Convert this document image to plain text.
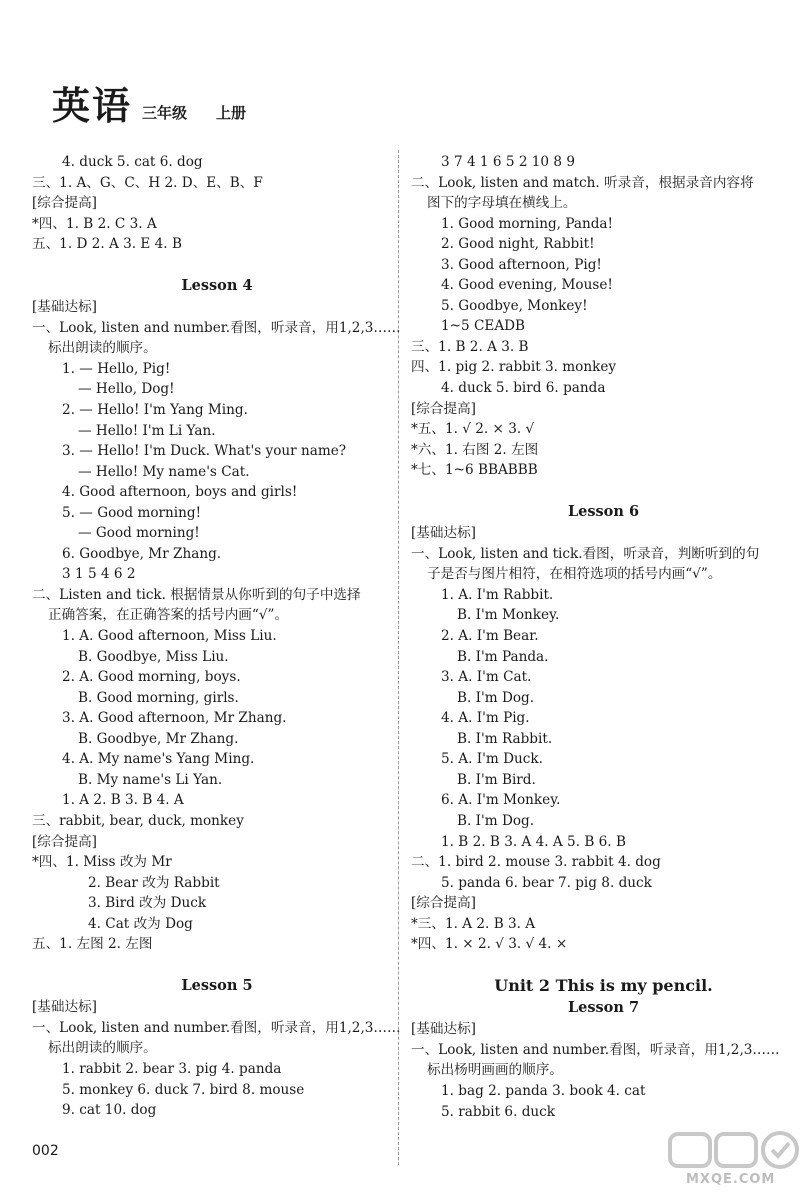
英语 三年级 上册
4. duck 5. cat 6. dog
三、1. A、G、C、H 2. D、E、B、F
[综合提高]
*四、1. B 2. C 3. A
五、1. D 2. A 3. E 4. B
Lesson 4
[基础达标]
一、Look, listen and number.看图，听录音，用1,2,3……
标出朗读的顺序。
1. — Hello, Pig!
— Hello, Dog!
2. — Hello! I'm Yang Ming.
— Hello! I'm Li Yan.
3. — Hello! I'm Duck. What's your name?
— Hello! My name's Cat.
4. Good afternoon, boys and girls!
5. — Good morning!
— Good morning!
6. Goodbye, Mr Zhang.
3 1 5 4 6 2
二、Listen and tick. 根据情景从你听到的句子中选择
正确答案，在正确答案的括号内画“√”。
1. A. Good afternoon, Miss Liu.
B. Goodbye, Miss Liu.
2. A. Good morning, boys.
B. Good morning, girls.
3. A. Good afternoon, Mr Zhang.
B. Goodbye, Mr Zhang.
4. A. My name's Yang Ming.
B. My name's Li Yan.
1. A 2. B 3. B 4. A
三、rabbit, bear, duck, monkey
[综合提高]
*四、1. Miss 改为 Mr
2. Bear 改为 Rabbit
3. Bird 改为 Duck
4. Cat 改为 Dog
五、1. 左图 2. 左图
Lesson 5
[基础达标]
一、Look, listen and number.看图，听录音，用1,2,3……
标出朗读的顺序。
1. rabbit 2. bear 3. pig 4. panda
5. monkey 6. duck 7. bird 8. mouse
9. cat 10. dog
3 7 4 1 6 5 2 10 8 9
二、Look, listen and match. 听录音，根据录音内容将
图下的字母填在横线上。
1. Good morning, Panda!
2. Good night, Rabbit!
3. Good afternoon, Pig!
4. Good evening, Mouse!
5. Goodbye, Monkey!
1~5 CEADB
三、1. B 2. A 3. B
四、1. pig 2. rabbit 3. monkey
4. duck 5. bird 6. panda
[综合提高]
*五、1. √ 2. × 3. √
*六、1. 右图 2. 左图
*七、1~6 BBABBB
Lesson 6
[基础达标]
一、Look, listen and tick.看图，听录音，判断听到的句
子是否与图片相符，在相符选项的括号内画“√”。
1. A. I'm Rabbit.
B. I'm Monkey.
2. A. I'm Bear.
B. I'm Panda.
3. A. I'm Cat.
B. I'm Dog.
4. A. I'm Pig.
B. I'm Rabbit.
5. A. I'm Duck.
B. I'm Bird.
6. A. I'm Monkey.
B. I'm Dog.
1. B 2. B 3. A 4. A 5. B 6. B
二、1. bird 2. mouse 3. rabbit 4. dog
5. panda 6. bear 7. pig 8. duck
[综合提高]
*三、1. A 2. B 3. A
*四、1. × 2. √ 3. √ 4. ×
Unit 2 This is my pencil.
Lesson 7
[基础达标]
一、Look, listen and number.看图，听录音，用1,2,3……
标出杨明画画的顺序。
1. bag 2. panda 3. book 4. cat
5. rabbit 6. duck
002
MXQE.COM
